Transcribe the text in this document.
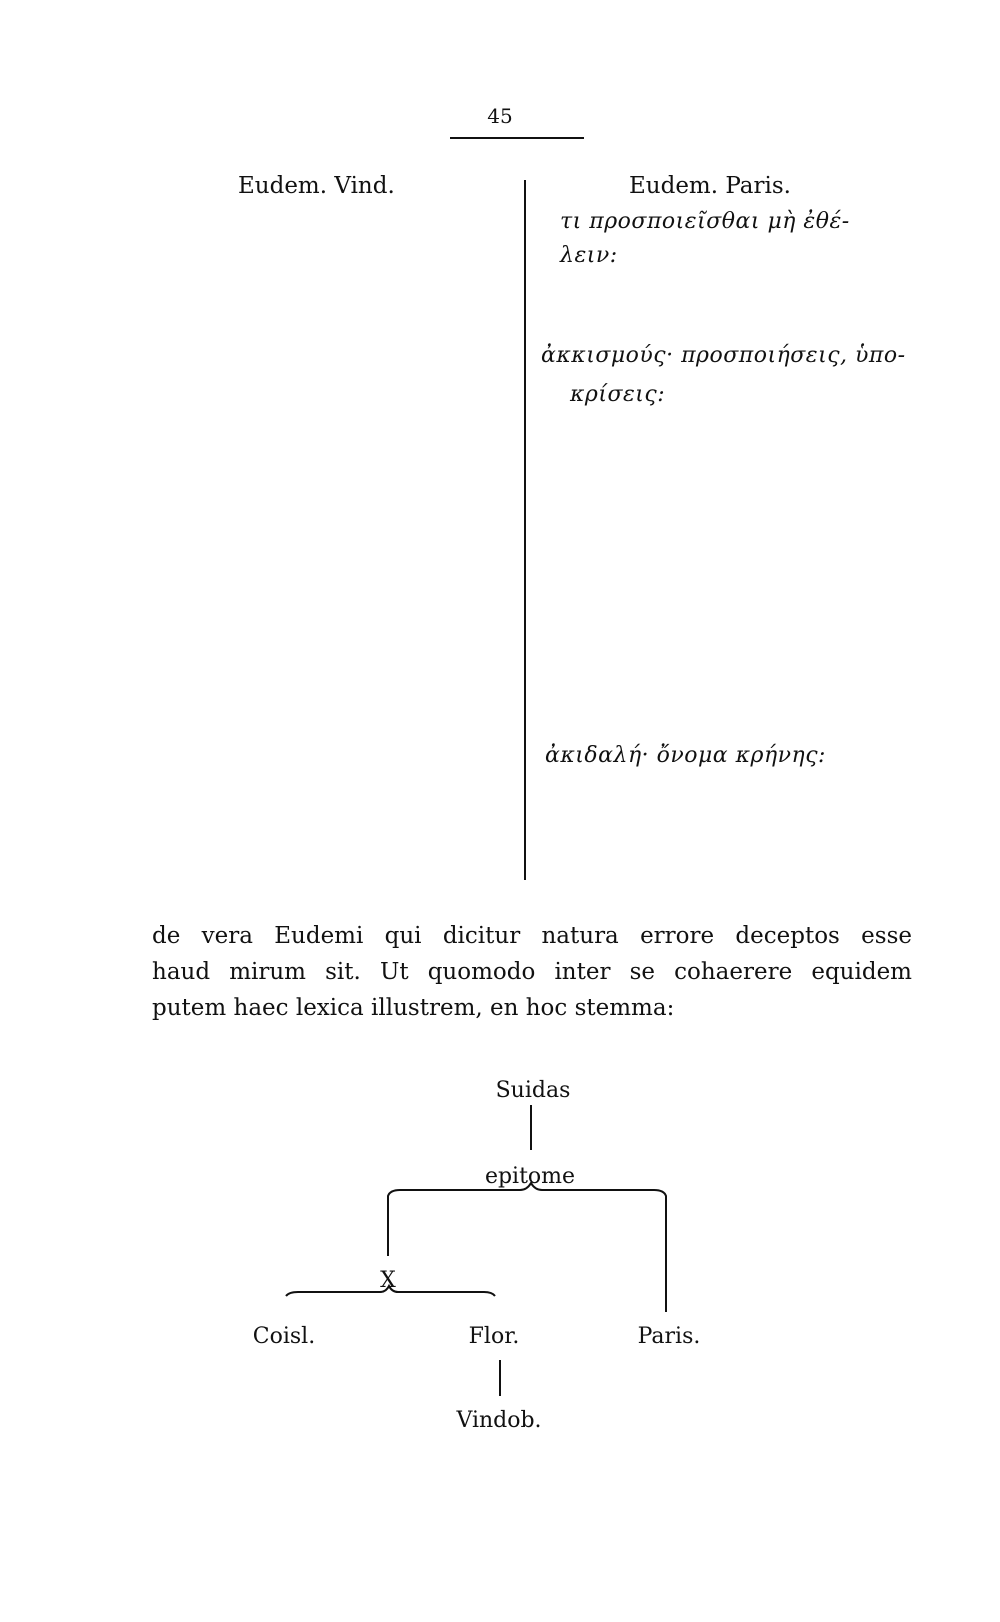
45
Eudem. Vind.	Eudem. Paris.
τι προσποιεῖσθαι μὴ ἐθέ-
λειν:
ἀκκισμούς· προσποιήσεις, ὑπο-
κρίσεις:
ἀκιδαλή· ὄνομα κρήνης:
de vera Eudemi qui dicitur natura errore deceptos esse
haud mirum sit. Ut quomodo inter se cohaerere equidem
putem haec lexica illustrem, en hoc stemma:
Suidas
epitome
X
Coisl.	Flor.	Paris.
Vindob.
